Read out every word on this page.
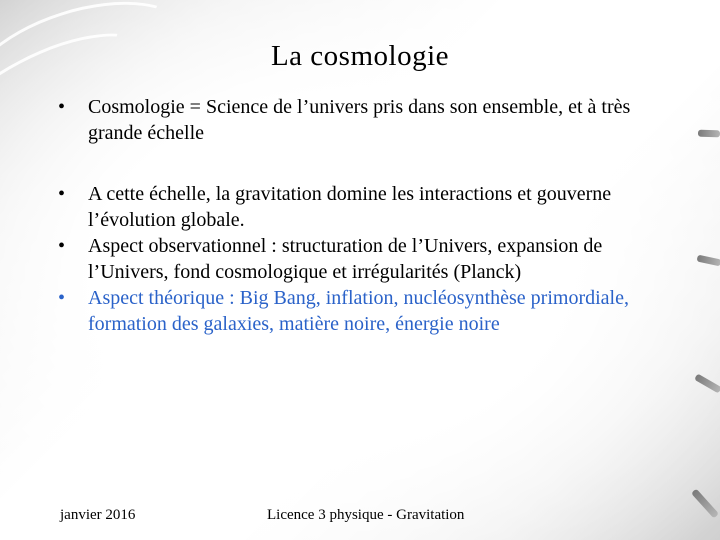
La cosmologie
• Cosmologie = Science de l’univers pris dans son ensemble, et à très grande échelle
• A cette échelle, la gravitation domine les interactions et gouverne l’évolution globale.
• Aspect observationnel : structuration de l’Univers, expansion de l’Univers, fond cosmologique et irrégularités (Planck)
• Aspect théorique : Big Bang, inflation, nucléosynthèse primordiale, formation des galaxies, matière noire, énergie noire
janvier 2016	Licence 3 physique - Gravitation
